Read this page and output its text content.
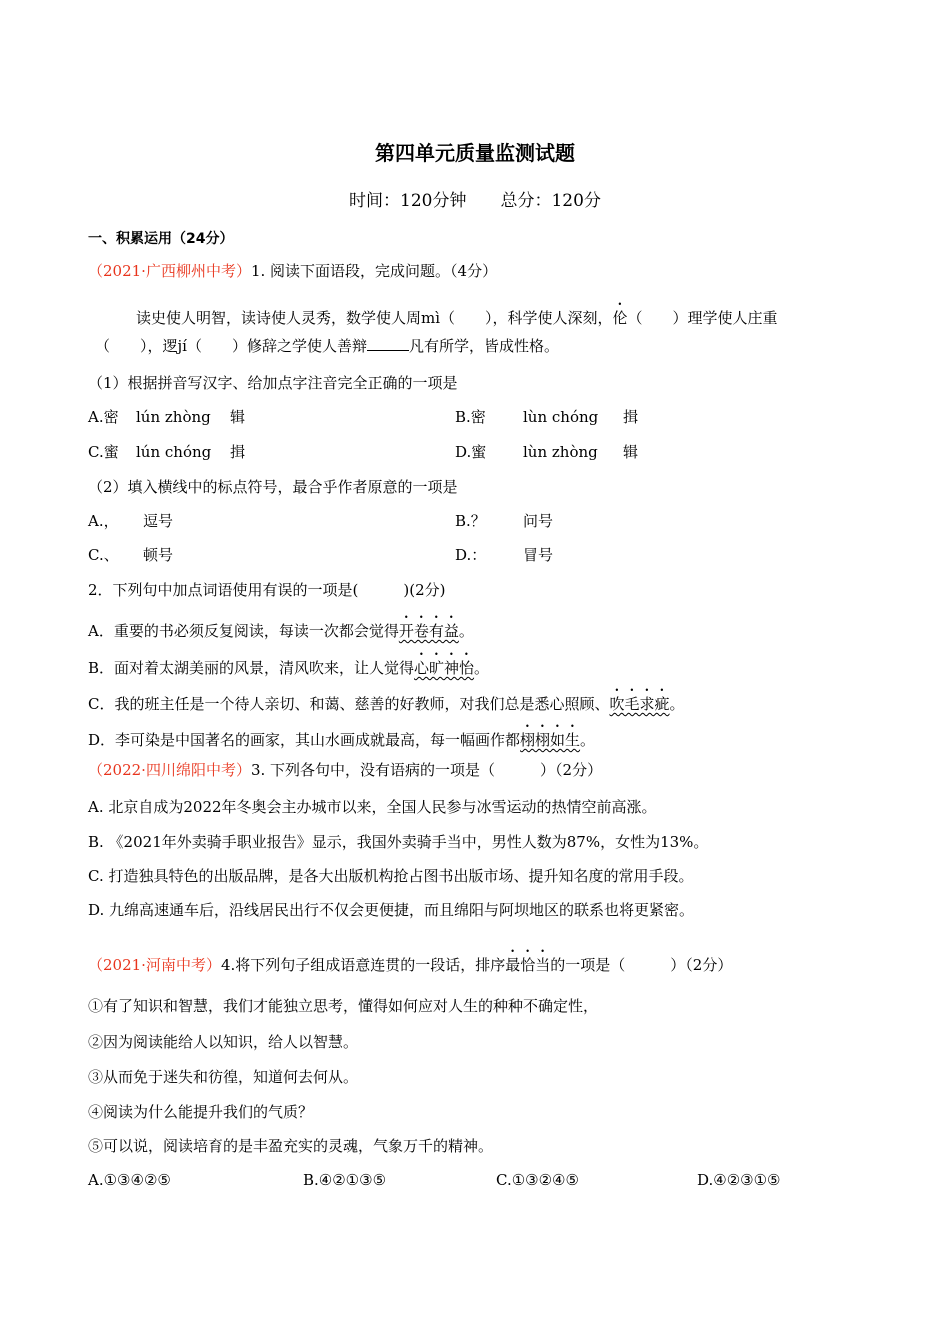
第四单元质量监测试题
时间：120分钟　　总分：120分
一、积累运用（24分）
（2021·广西柳州中考）1. 阅读下面语段，完成问题。（4分）
读史使人明智，读诗使人灵秀，数学使人周mì（　　），科学使人深刻，伦（　　）理学使人庄重
（　　），逻jí（　　）修辞之学使人善辩	凡有所学，皆成性格。
（1）根据拼音写汉字、给加点字注音完全正确的一项是
A.密 lún zhòng 辑	B.密 lùn chóng 揖
C.蜜 lún chóng 揖	D.蜜 lùn zhòng 辑
（2）填入横线中的标点符号，最合乎作者原意的一项是
A.， 逗号	B.？ 问号
C.、 顿号	D.： 冒号
2．下列句中加点词语使用有误的一项是(　　　)(2分)
A．重要的书必须反复阅读，每读一次都会觉得开卷有益。
B．面对着太湖美丽的风景，清风吹来，让人觉得心旷神怡。
C．我的班主任是一个待人亲切、和蔼、慈善的好教师，对我们总是悉心照顾、吹毛求疵。
D．李可染是中国著名的画家，其山水画成就最高，每一幅画作都栩栩如生。
（2022·四川绵阳中考）3. 下列各句中，没有语病的一项是（　　　）（2分）
A. 北京自成为2022年冬奥会主办城市以来，全国人民参与冰雪运动的热情空前高涨。
B. 《2021年外卖骑手职业报告》显示，我国外卖骑手当中，男性人数为87%，女性为13%。
C. 打造独具特色的出版品牌，是各大出版机构抢占图书出版市场、提升知名度的常用手段。
D. 九绵高速通车后，沿线居民出行不仅会更便捷，而且绵阳与阿坝地区的联系也将更紧密。
（2021·河南中考）4.将下列句子组成语意连贯的一段话，排序最恰当的一项是（　　　）（2分）
①有了知识和智慧，我们才能独立思考，懂得如何应对人生的种种不确定性，
②因为阅读能给人以知识，给人以智慧。
③从而免于迷失和彷徨，知道何去何从。
④阅读为什么能提升我们的气质？
⑤可以说，阅读培育的是丰盈充实的灵魂，气象万千的精神。
A.①③④②⑤	B.④②①③⑤	C.①③②④⑤	D.④②③①⑤
